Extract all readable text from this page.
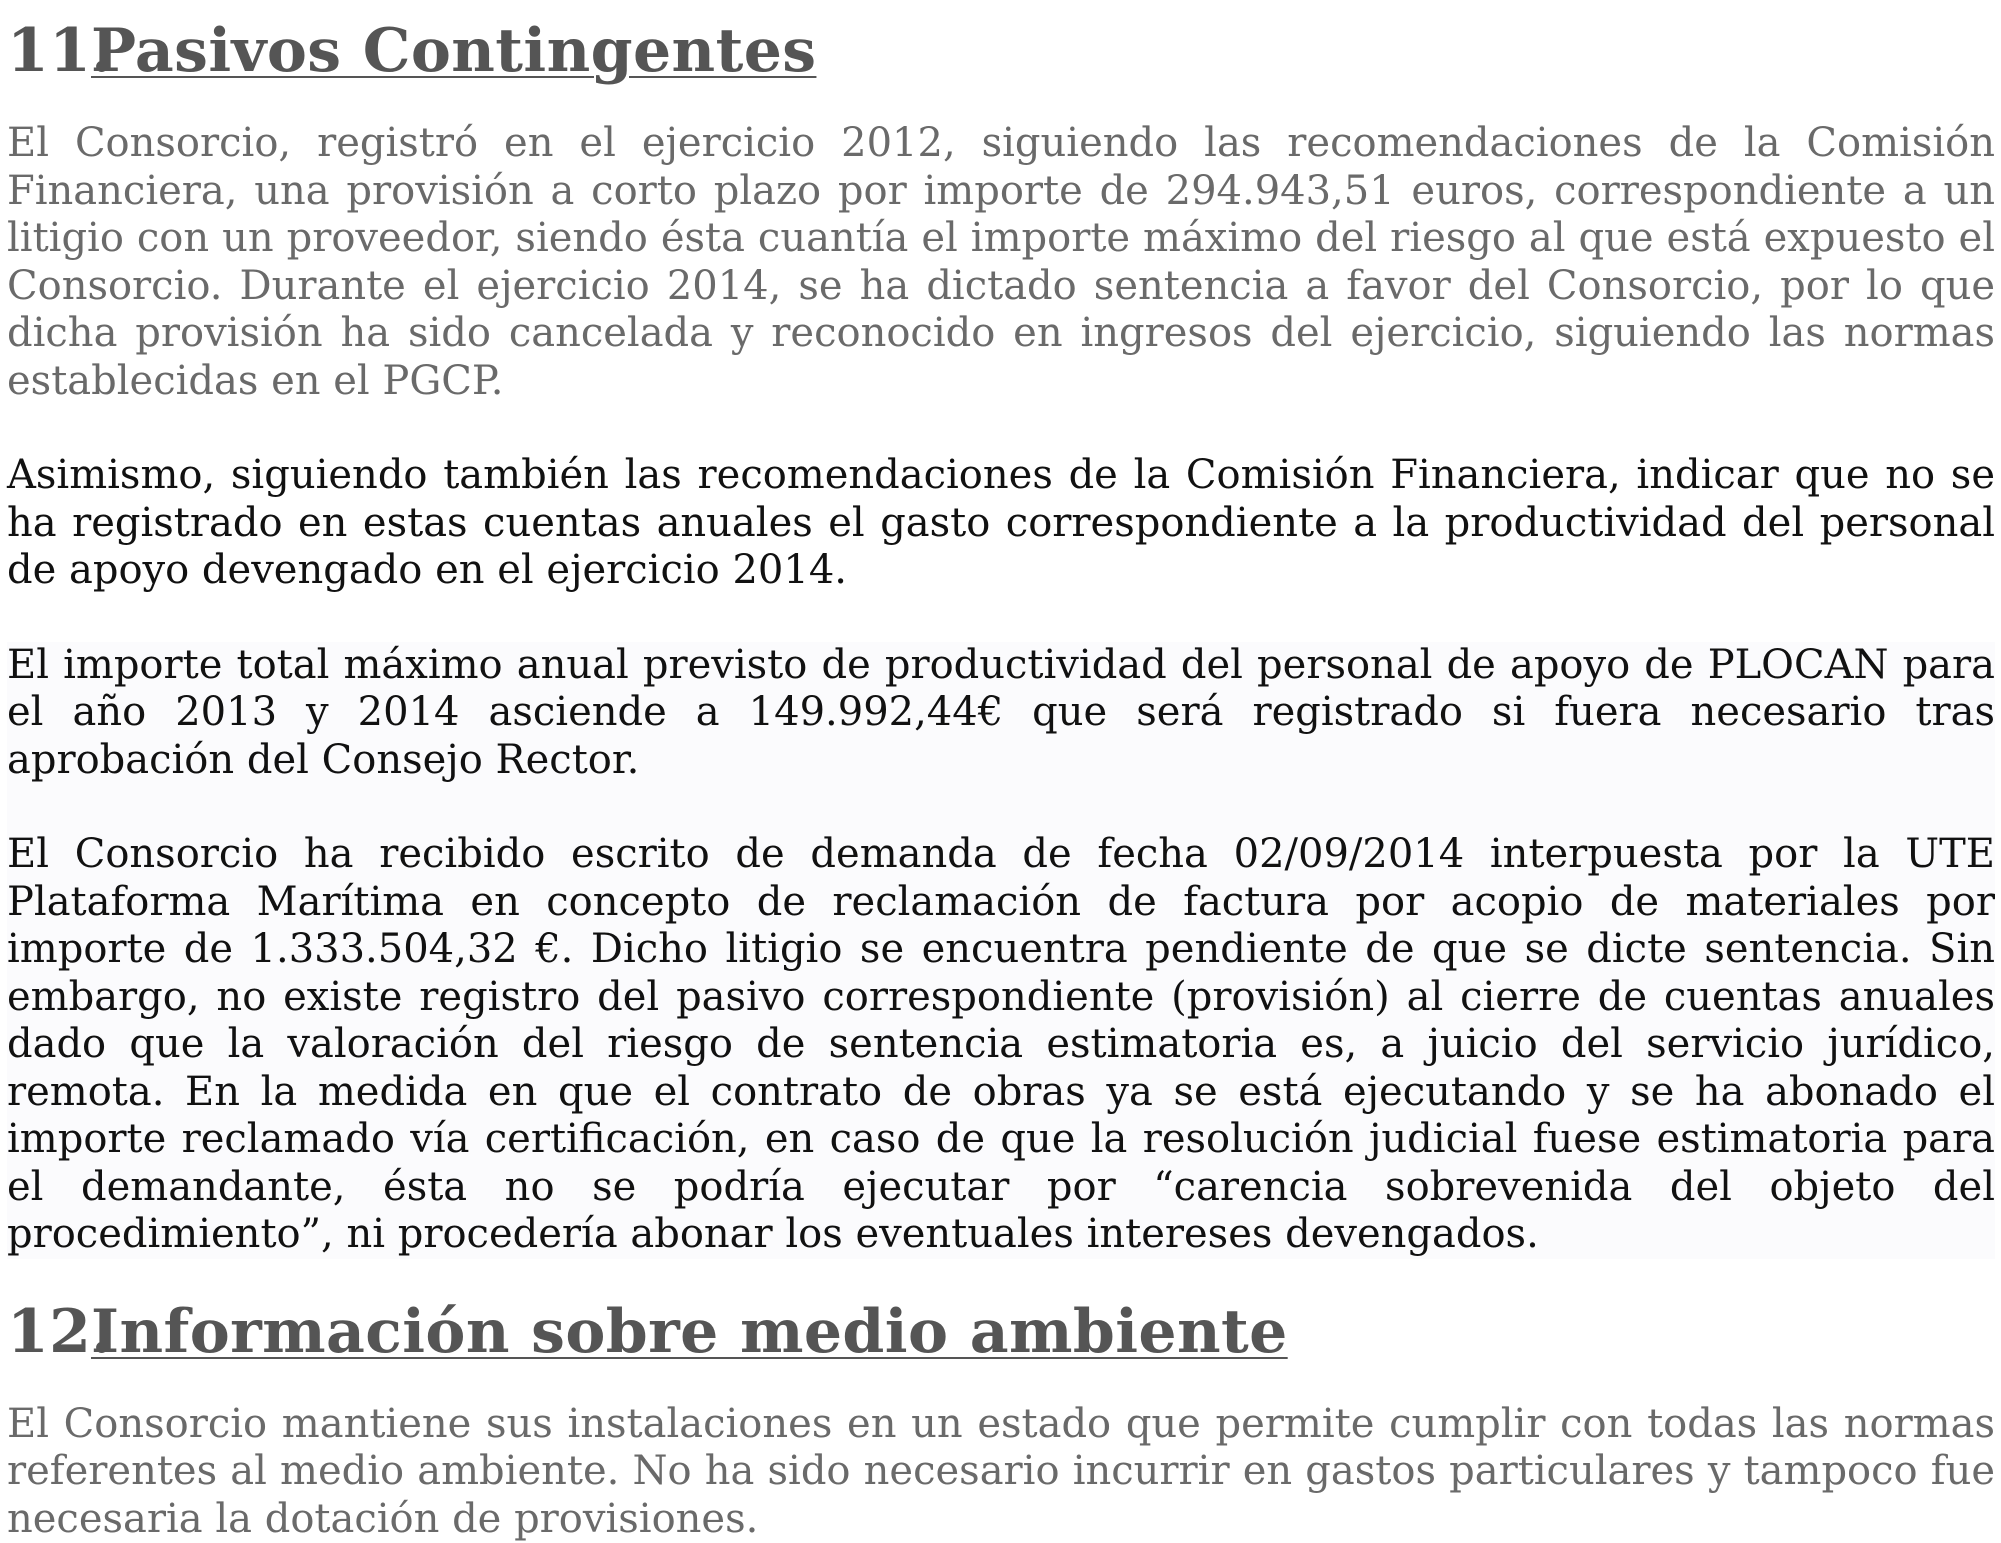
11.Pasivos Contingentes

El Consorcio, registró en el ejercicio 2012, siguiendo las recomendaciones de la Comisión Financiera, una provisión a corto plazo por importe de 294.943,51 euros, correspondiente a un litigio con un proveedor, siendo ésta cuantía el importe máximo del riesgo al que está expuesto el Consorcio. Durante el ejercicio 2014, se ha dictado sentencia a favor del Consorcio, por lo que dicha provisión ha sido cancelada y reconocido en ingresos del ejercicio, siguiendo las normas establecidas en el PGCP.

Asimismo, siguiendo también las recomendaciones de la Comisión Financiera, indicar que no se ha registrado en estas cuentas anuales el gasto correspondiente a la productividad del personal de apoyo devengado en el ejercicio 2014.

El importe total máximo anual previsto de productividad del personal de apoyo de PLOCAN para el año 2013 y 2014 asciende a 149.992,44€ que será registrado si fuera necesario tras aprobación del Consejo Rector.

El Consorcio ha recibido escrito de demanda de fecha 02/09/2014 interpuesta por la UTE Plataforma Marítima en concepto de reclamación de factura por acopio de materiales por importe de 1.333.504,32 €. Dicho litigio se encuentra pendiente de que se dicte sentencia. Sin embargo, no existe registro del pasivo correspondiente (provisión) al cierre de cuentas anuales dado que la valoración del riesgo de sentencia estimatoria es, a juicio del servicio jurídico, remota. En la medida en que el contrato de obras ya se está ejecutando y se ha abonado el importe reclamado vía certificación, en caso de que la resolución judicial fuese estimatoria para el demandante, ésta no se podría ejecutar por “carencia sobrevenida del objeto del procedimiento”, ni procedería abonar los eventuales intereses devengados.

12.Información sobre medio ambiente

El Consorcio mantiene sus instalaciones en un estado que permite cumplir con todas las normas referentes al medio ambiente. No ha sido necesario incurrir en gastos particulares y tampoco fue necesaria la dotación de provisiones.
